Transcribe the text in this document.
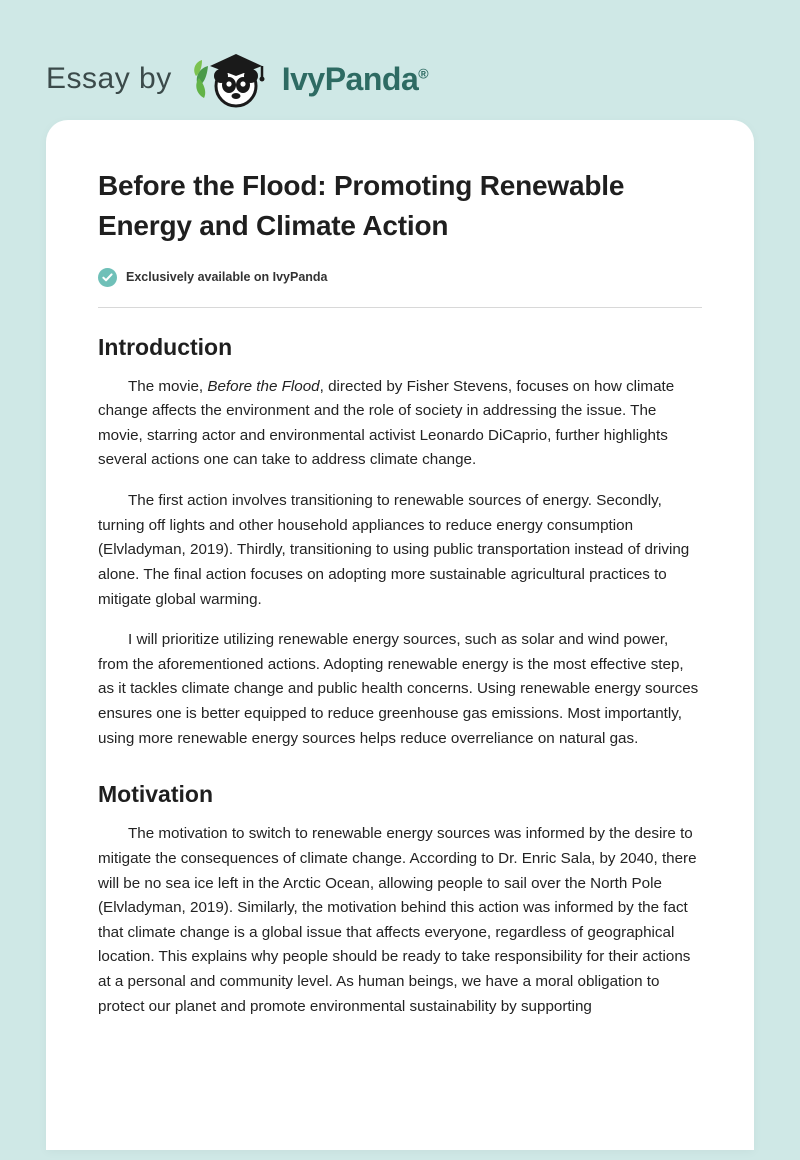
Essay by	IvyPanda®
Before the Flood: Promoting Renewable Energy and Climate Action
Exclusively available on IvyPanda
Introduction

The movie, Before the Flood, directed by Fisher Stevens, focuses on how climate change affects the environment and the role of society in addressing the issue. The movie, starring actor and environmental activist Leonardo DiCaprio, further highlights several actions one can take to address climate change.

The first action involves transitioning to renewable sources of energy. Secondly, turning off lights and other household appliances to reduce energy consumption (Elvladyman, 2019). Thirdly, transitioning to using public transportation instead of driving alone. The final action focuses on adopting more sustainable agricultural practices to mitigate global warming.

I will prioritize utilizing renewable energy sources, such as solar and wind power, from the aforementioned actions. Adopting renewable energy is the most effective step, as it tackles climate change and public health concerns. Using renewable energy sources ensures one is better equipped to reduce greenhouse gas emissions. Most importantly, using more renewable energy sources helps reduce overreliance on natural gas.

Motivation

The motivation to switch to renewable energy sources was informed by the desire to mitigate the consequences of climate change. According to Dr. Enric Sala, by 2040, there will be no sea ice left in the Arctic Ocean, allowing people to sail over the North Pole (Elvladyman, 2019). Similarly, the motivation behind this action was informed by the fact that climate change is a global issue that affects everyone, regardless of geographical location. This explains why people should be ready to take responsibility for their actions at a personal and community level. As human beings, we have a moral obligation to protect our planet and promote environmental sustainability by supporting
